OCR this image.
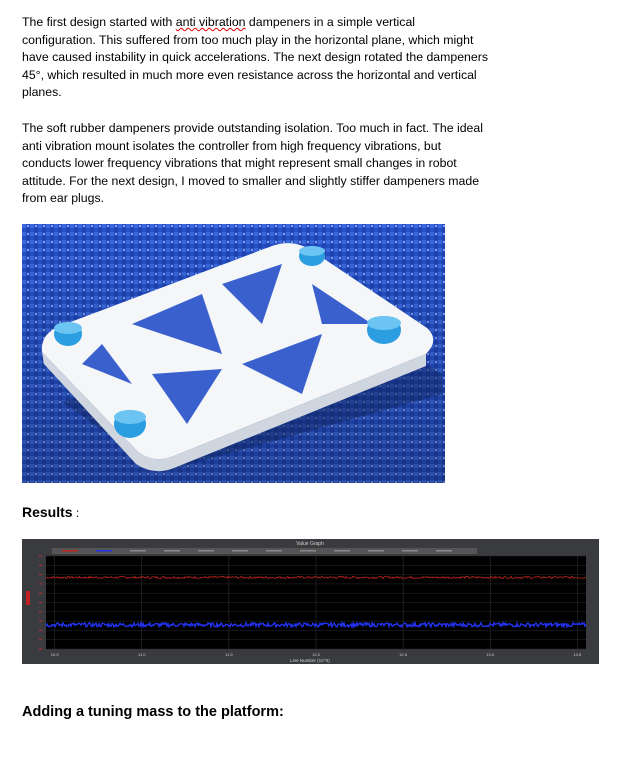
The first design started with anti vibration dampeners in a simple vertical configuration. This suffered from too much play in the horizontal plane, which might have caused instability in quick accelerations. The next design rotated the dampeners 45°, which resulted in much more even resistance across the horizontal and vertical planes.

The soft rubber dampeners provide outstanding isolation. Too much in fact. The ideal anti vibration mount isolates the controller from high frequency vibrations, but conducts lower frequency vibrations that might represent small changes in robot attitude. For the next design, I moved to smaller and slightly stiffer dampeners made from ear plugs.

Results :

Value Graph
10.5	11.0	11.5	12.0	12.5	13.0	13.5
Line Number (10^3)

Adding a tuning mass to the platform:
